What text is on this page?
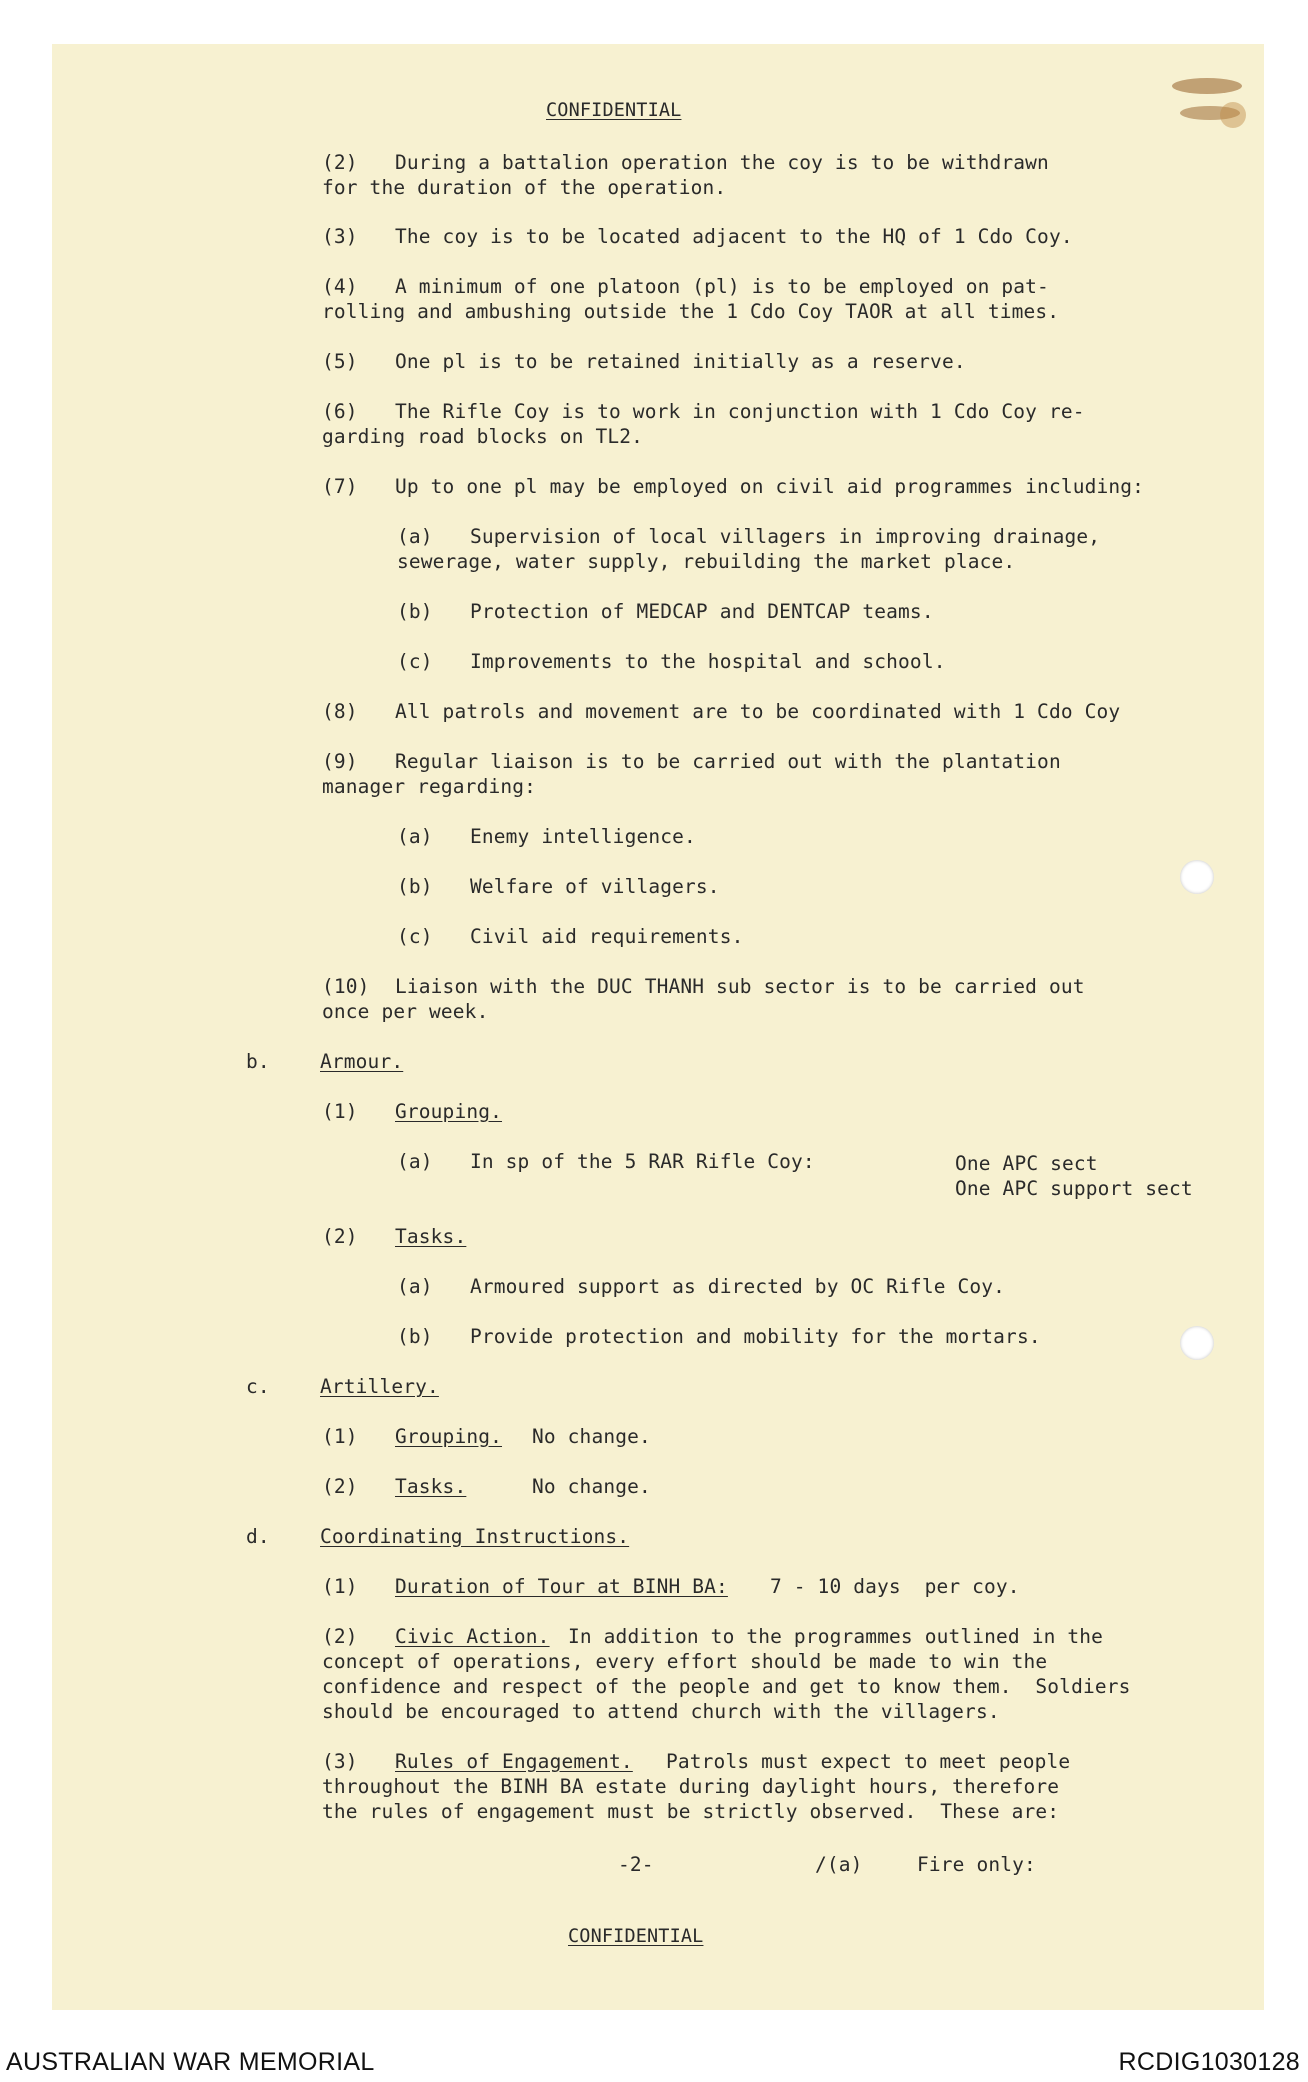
CONFIDENTIAL
(2) During a battalion operation the coy is to be withdrawn
for the duration of the operation.
(3) The coy is to be located adjacent to the HQ of 1 Cdo Coy.
(4) A minimum of one platoon (pl) is to be employed on pat-
rolling and ambushing outside the 1 Cdo Coy TAOR at all times.
(5) One pl is to be retained initially as a reserve.
(6) The Rifle Coy is to work in conjunction with 1 Cdo Coy re-
garding road blocks on TL2.
(7) Up to one pl may be employed on civil aid programmes including:
(a) Supervision of local villagers in improving drainage,
sewerage, water supply, rebuilding the market place.
(b) Protection of MEDCAP and DENTCAP teams.
(c) Improvements to the hospital and school.
(8) All patrols and movement are to be coordinated with 1 Cdo Coy
(9) Regular liaison is to be carried out with the plantation
manager regarding:
(a) Enemy intelligence.
(b) Welfare of villagers.
(c) Civil aid requirements.
(10) Liaison with the DUC THANH sub sector is to be carried out
once per week.
b.	Armour.
(1) Grouping.
(a) In sp of the 5 RAR Rifle Coy:	One APC sect
One APC support sect
(2) Tasks.
(a) Armoured support as directed by OC Rifle Coy.
(b) Provide protection and mobility for the mortars.
c.	Artillery.
(1) Grouping. No change.
(2) Tasks.	No change.
d.	Coordinating Instructions.
(1) Duration of Tour at BINH BA: 7 - 10 days  per coy.
(2) Civic Action. In addition to the programmes outlined in the
concept of operations, every effort should be made to win the
confidence and respect of the people and get to know them.  Soldiers
should be encouraged to attend church with the villagers.
(3) Rules of Engagement. Patrols must expect to meet people
throughout the BINH BA estate during daylight hours, therefore
the rules of engagement must be strictly observed.  These are:
-2-	/(a)	Fire only:
CONFIDENTIAL
AUSTRALIAN WAR MEMORIAL	RCDIG1030128
